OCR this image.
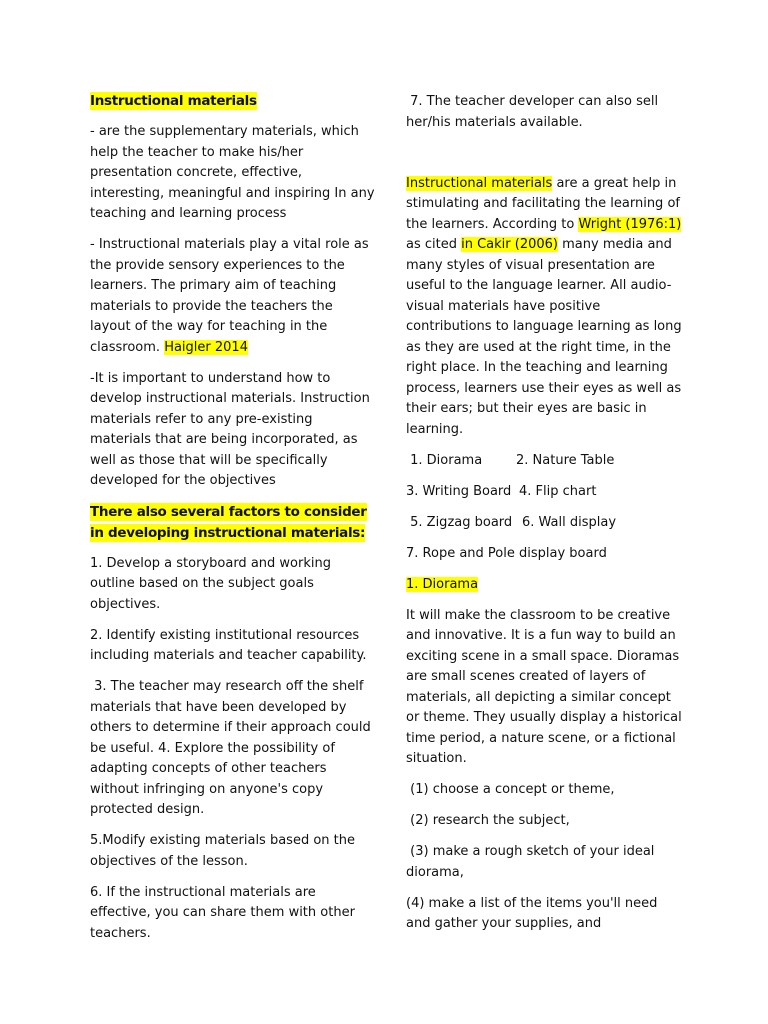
Instructional materials

- are the supplementary materials, which help the teacher to make his/her presentation concrete, effective, interesting, meaningful and inspiring In any teaching and learning process

- Instructional materials play a vital role as the provide sensory experiences to the learners. The primary aim of teaching materials to provide the teachers the layout of the way for teaching in the classroom. Haigler 2014

-It is important to understand how to develop instructional materials. Instruction materials refer to any pre-existing materials that are being incorporated, as well as those that will be specifically developed for the objectives

There also several factors to consider in developing instructional materials:

1. Develop a storyboard and working outline based on the subject goals objectives.

2. Identify existing institutional resources including materials and teacher capability.

3. The teacher may research off the shelf materials that have been developed by others to determine if their approach could be useful. 4. Explore the possibility of adapting concepts of other teachers without infringing on anyone's copy protected design.

5.Modify existing materials based on the objectives of the lesson.

6. If the instructional materials are effective, you can share them with other teachers.

7. The teacher developer can also sell her/his materials available.

Instructional materials are a great help in stimulating and facilitating the learning of the learners. According to Wright (1976:1) as cited in Cakir (2006) many media and many styles of visual presentation are useful to the language learner. All audio- visual materials have positive contributions to language learning as long as they are used at the right time, in the right place. In the teaching and learning process, learners use their eyes as well as their ears; but their eyes are basic in learning.

1. Diorama	2. Nature Table

3. Writing Board 4. Flip chart

5. Zigzag board 6. Wall display

7. Rope and Pole display board

1. Diorama

It will make the classroom to be creative and innovative. It is a fun way to build an exciting scene in a small space. Dioramas are small scenes created of layers of materials, all depicting a similar concept or theme. They usually display a historical time period, a nature scene, or a fictional situation.

(1) choose a concept or theme,

(2) research the subject,

(3) make a rough sketch of your ideal diorama,

(4) make a list of the items you'll need and gather your supplies, and
